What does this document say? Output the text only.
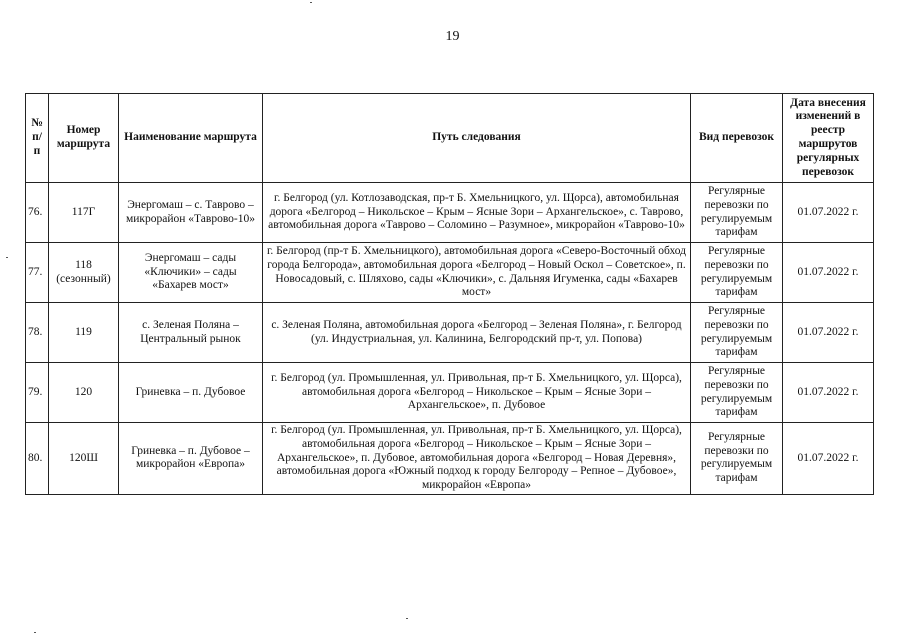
19
№ п/п	Номер маршрута	Наименование маршрута	Путь следования	Вид перевозок	Дата внесения изменений в реестр маршрутов регулярных перевозок
76.	117Г	Энергомаш – с. Таврово – микрорайон «Таврово-10»	г. Белгород (ул. Котлозаводская, пр-т Б. Хмельницкого, ул. Щорса), автомобильная дорога «Белгород – Никольское – Крым – Ясные Зори – Архангельское», с. Таврово, автомобильная дорога «Таврово – Соломино – Разумное», микрорайон «Таврово-10»	Регулярные перевозки по регулируемым тарифам	01.07.2022 г.
77.	118 (сезонный)	Энергомаш – сады «Ключики» – сады «Бахарев мост»	г. Белгород (пр-т Б. Хмельницкого), автомобильная дорога «Северо-Восточный обход города Белгорода», автомобильная дорога «Белгород – Новый Оскол – Советское», п. Новосадовый, с. Шляхово, сады «Ключики», с. Дальняя Игуменка, сады «Бахарев мост»	Регулярные перевозки по регулируемым тарифам	01.07.2022 г.
78.	119	с. Зеленая Поляна – Центральный рынок	с. Зеленая Поляна, автомобильная дорога «Белгород – Зеленая Поляна», г. Белгород (ул. Индустриальная, ул. Калинина, Белгородский пр-т, ул. Попова)	Регулярные перевозки по регулируемым тарифам	01.07.2022 г.
79.	120	Гриневка – п. Дубовое	г. Белгород (ул. Промышленная, ул. Привольная, пр-т Б. Хмельницкого, ул. Щорса), автомобильная дорога «Белгород – Никольское – Крым – Ясные Зори – Архангельское», п. Дубовое	Регулярные перевозки по регулируемым тарифам	01.07.2022 г.
80.	120Ш	Гриневка – п. Дубовое – микрорайон «Европа»	г. Белгород (ул. Промышленная, ул. Привольная, пр-т Б. Хмельницкого, ул. Щорса), автомобильная дорога «Белгород – Никольское – Крым – Ясные Зори – Архангельское», п. Дубовое, автомобильная дорога «Белгород – Новая Деревня», автомобильная дорога «Южный подход к городу Белгороду – Репное – Дубовое», микрорайон «Европа»	Регулярные перевозки по регулируемым тарифам	01.07.2022 г.
